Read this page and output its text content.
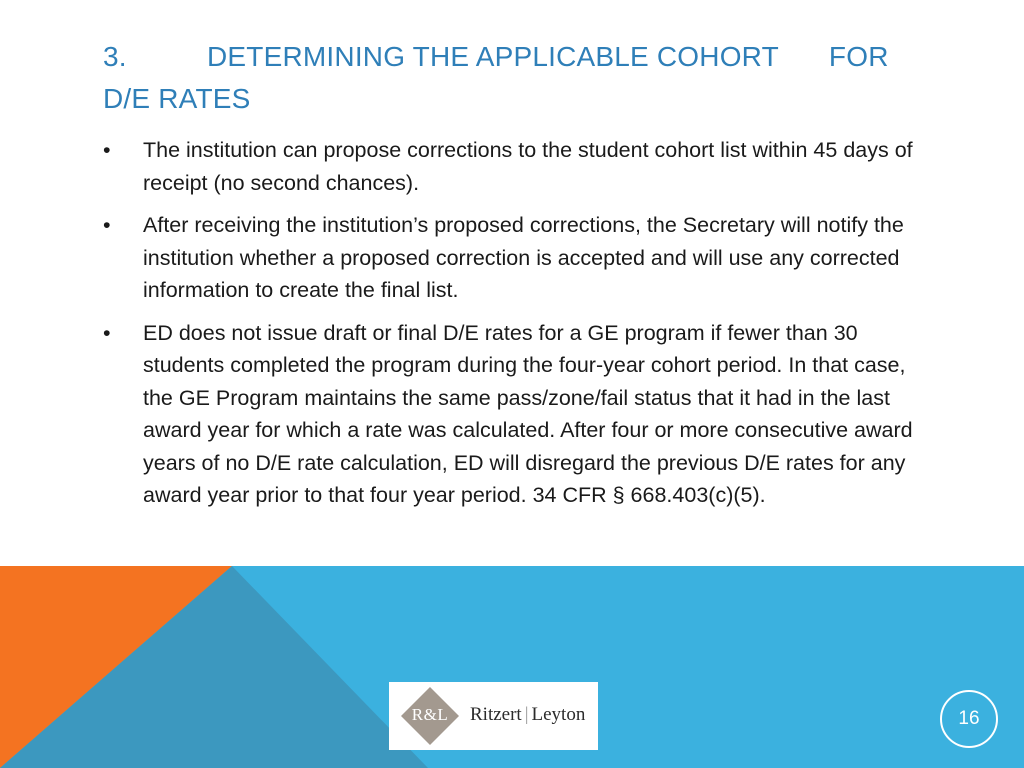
3.	DETERMINING THE APPLICABLE COHORT FOR
D/E RATES
•	The institution can propose corrections to the student cohort list within 45 days of receipt (no second chances).
•	After receiving the institution’s proposed corrections, the Secretary will notify the institution whether a proposed correction is accepted and will use any corrected information to create the final list.
•	ED does not issue draft or final D/E rates for a GE program if fewer than 30 students completed the program during the four-year cohort period. In that case, the GE Program maintains the same pass/zone/fail status that it had in the last award year for which a rate was calculated. After four or more consecutive award years of no D/E rate calculation, ED will disregard the previous D/E rates for any award year prior to that four year period. 34 CFR § 668.403(c)(5).
R&L	Ritzert | Leyton	16
